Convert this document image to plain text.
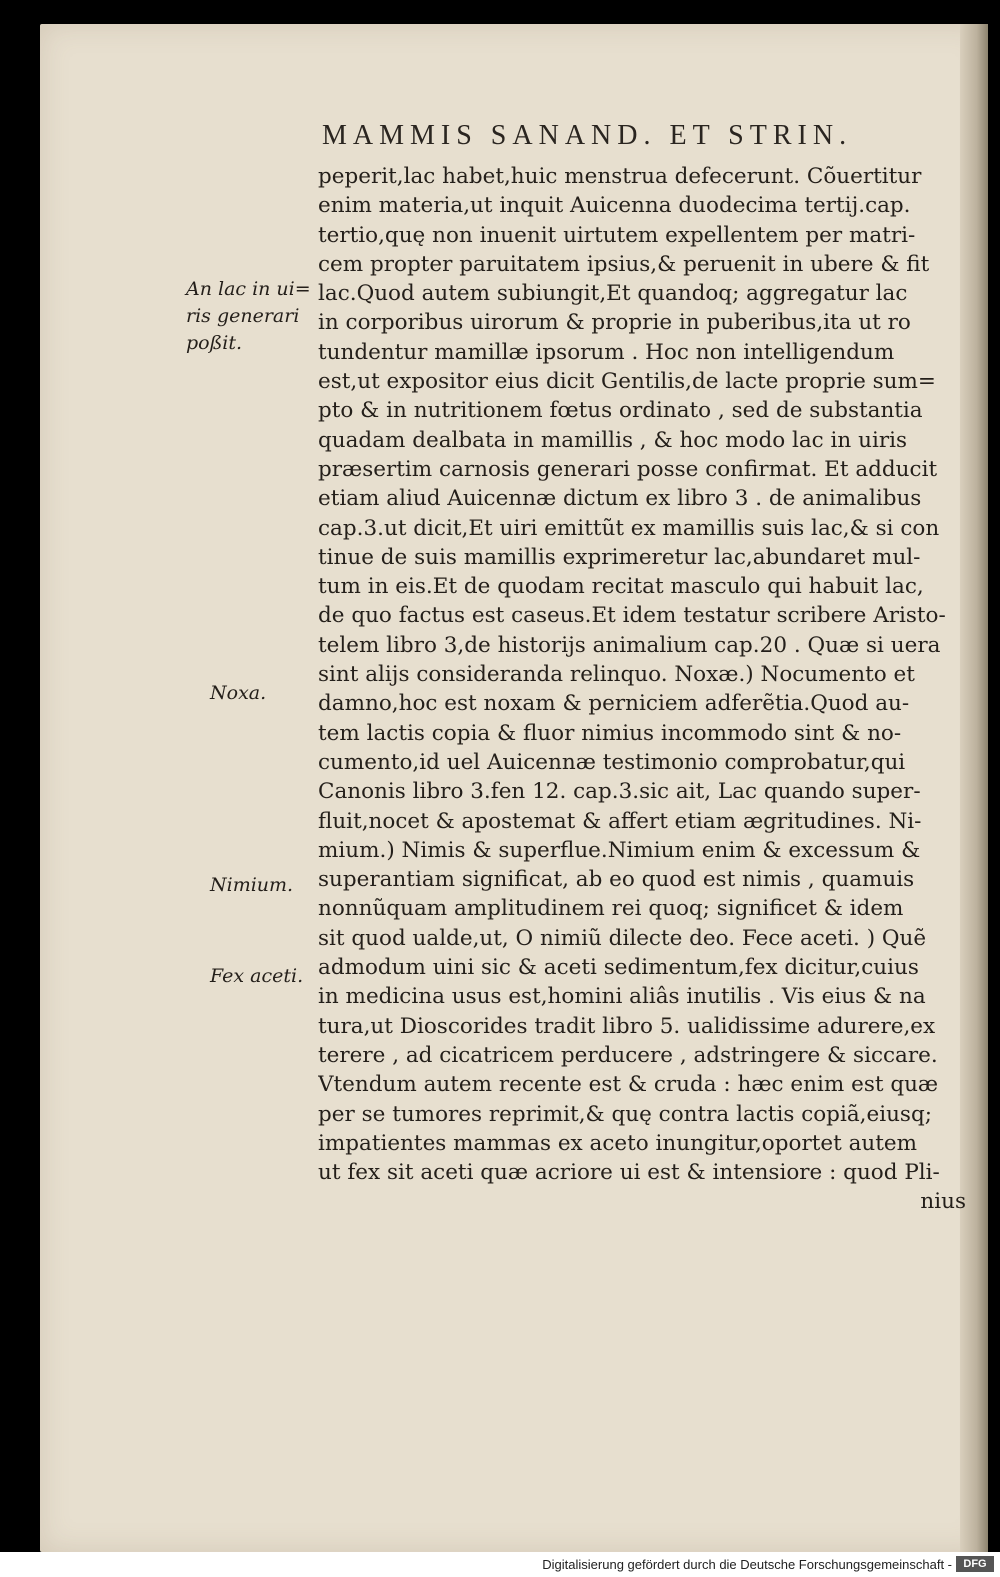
MAMMIS SANAND. ET STRIN.
peperit,lac habet,huic menstrua defecerunt. Cõuertitur
enim materia,ut inquit Auicenna duodecima tertij.cap.
tertio,quę non inuenit uirtutem expellentem per matri-
cem propter paruitatem ipsius,& peruenit in ubere & fit
lac.Quod autem subiungit,Et quandoq; aggregatur lac
in corporibus uirorum & proprie in puberibus,ita ut ro
tundentur mamillæ ipsorum . Hoc non intelligendum
est,ut expositor eius dicit Gentilis,de lacte proprie sum=
pto & in nutritionem fœtus ordinato , sed de substantia
quadam dealbata in mamillis , & hoc modo lac in uiris
præsertim carnosis generari posse confirmat. Et adducit
etiam aliud Auicennæ dictum ex libro 3 . de animalibus
cap.3.ut dicit,Et uiri emittũt ex mamillis suis lac,& si con
tinue de suis mamillis exprimeretur lac,abundaret mul-
tum in eis.Et de quodam recitat masculo qui habuit lac,
de quo factus est caseus.Et idem testatur scribere Aristo-
telem libro 3,de historijs animalium cap.20 . Quæ si uera
sint alijs consideranda relinquo. Noxæ.) Nocumento et
damno,hoc est noxam & perniciem adferẽtia.Quod au-
tem lactis copia & fluor nimius incommodo sint & no-
cumento,id uel Auicennæ testimonio comprobatur,qui
Canonis libro 3.fen 12. cap.3.sic ait, Lac quando super-
fluit,nocet & apostemat & affert etiam ægritudines. Ni-
mium.) Nimis & superflue.Nimium enim & excessum &
superantiam significat, ab eo quod est nimis , quamuis
nonnũquam amplitudinem rei quoq; significet & idem
sit quod ualde,ut, O nimiũ dilecte deo. Fece aceti. ) Quẽ
admodum uini sic & aceti sedimentum,fex dicitur,cuius
in medicina usus est,homini aliâs inutilis . Vis eius & na
tura,ut Dioscorides tradit libro 5. ualidissime adurere,ex
terere , ad cicatricem perducere , adstringere & siccare.
Vtendum autem recente est & cruda : hæc enim est quæ
per se tumores reprimit,& quę contra lactis copiã,eiusq;
impatientes mammas ex aceto inungitur,oportet autem
ut fex sit aceti quæ acriore ui est & intensiore : quod Pli-
nius
An lac in ui=
ris generari
poßit.
Noxa.
Nimium.
Fex aceti.
Digitalisierung gefördert durch die Deutsche Forschungsgemeinschaft -	DFG
